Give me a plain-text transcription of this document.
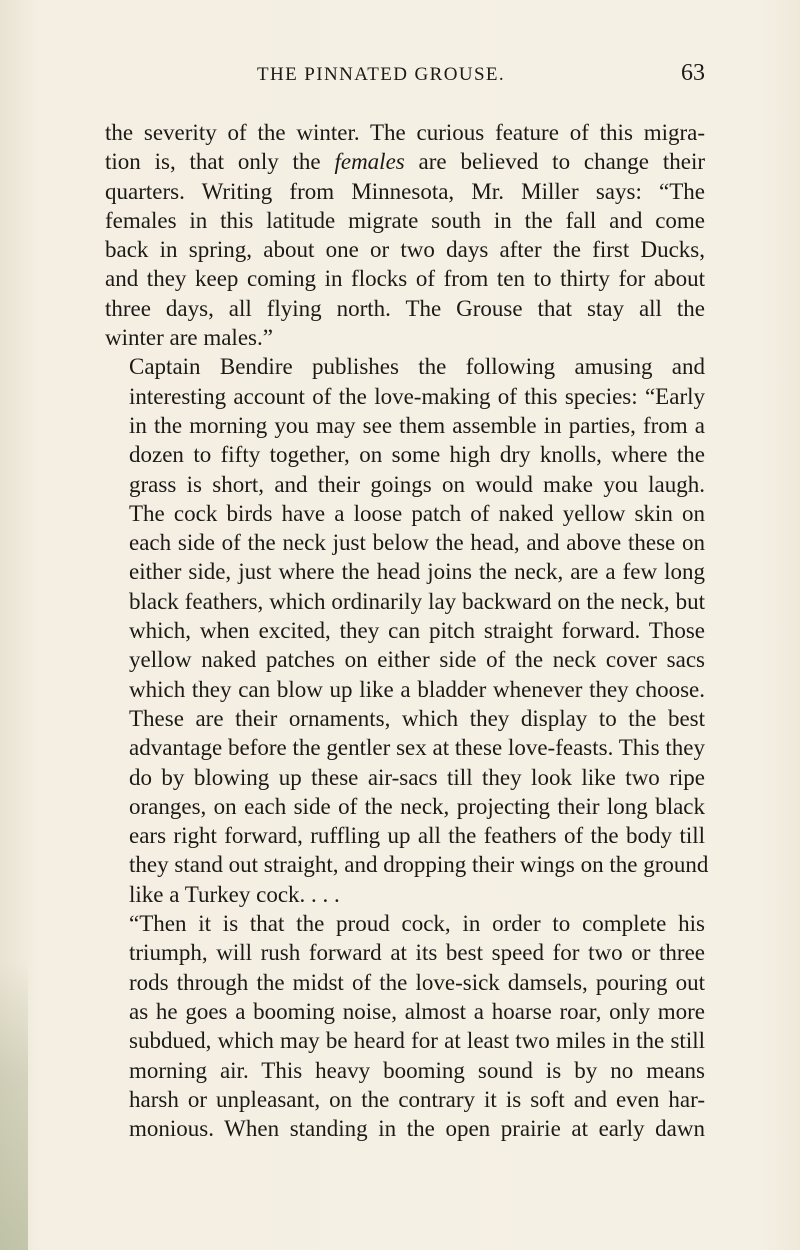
THE PINNATED GROUSE.	63

the severity of the winter. The curious feature of this migra-
tion is, that only the females are believed to change their
quarters. Writing from Minnesota, Mr. Miller says: “The
females in this latitude migrate south in the fall and come
back in spring, about one or two days after the first Ducks,
and they keep coming in flocks of from ten to thirty for about
three days, all flying north. The Grouse that stay all the
winter are males.”

Captain Bendire publishes the following amusing and
interesting account of the love-making of this species: “Early
in the morning you may see them assemble in parties, from a
dozen to fifty together, on some high dry knolls, where the
grass is short, and their goings on would make you laugh.
The cock birds have a loose patch of naked yellow skin on
each side of the neck just below the head, and above these on
either side, just where the head joins the neck, are a few long
black feathers, which ordinarily lay backward on the neck, but
which, when excited, they can pitch straight forward. Those
yellow naked patches on either side of the neck cover sacs
which they can blow up like a bladder whenever they choose.
These are their ornaments, which they display to the best
advantage before the gentler sex at these love-feasts. This they
do by blowing up these air-sacs till they look like two ripe
oranges, on each side of the neck, projecting their long black
ears right forward, ruffling up all the feathers of the body till
they stand out straight, and dropping their wings on the ground
like a Turkey cock. . . .

“Then it is that the proud cock, in order to complete his
triumph, will rush forward at its best speed for two or three
rods through the midst of the love-sick damsels, pouring out
as he goes a booming noise, almost a hoarse roar, only more
subdued, which may be heard for at least two miles in the still
morning air. This heavy booming sound is by no means
harsh or unpleasant, on the contrary it is soft and even har-
monious. When standing in the open prairie at early dawn
